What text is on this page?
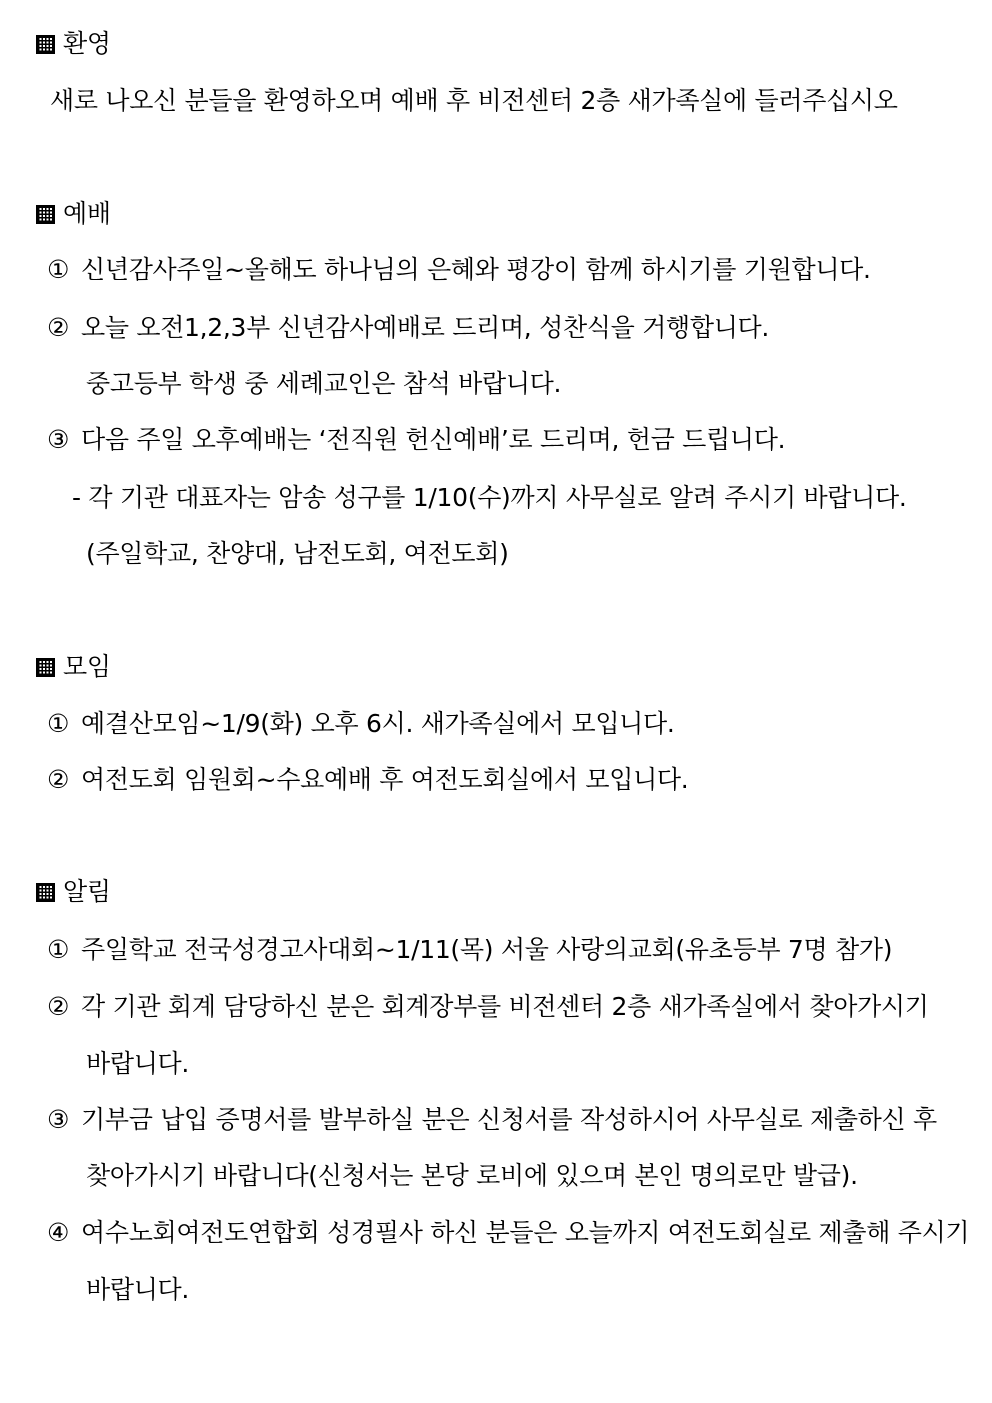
환영
새로 나오신 분들을 환영하오며 예배 후 비전센터 2층 새가족실에 들러주십시오
예배
① 신년감사주일~올해도 하나님의 은혜와 평강이 함께 하시기를 기원합니다.
② 오늘 오전1,2,3부 신년감사예배로 드리며, 성찬식을 거행합니다.
중고등부 학생 중 세례교인은 참석 바랍니다.
③ 다음 주일 오후예배는 ‘전직원 헌신예배’로 드리며, 헌금 드립니다.
- 각 기관 대표자는 암송 성구를 1/10(수)까지 사무실로 알려 주시기 바랍니다.
(주일학교, 찬양대, 남전도회, 여전도회)
모임
① 예결산모임~1/9(화) 오후 6시. 새가족실에서 모입니다.
② 여전도회 임원회~수요예배 후 여전도회실에서 모입니다.
알림
① 주일학교 전국성경고사대회~1/11(목) 서울 사랑의교회(유초등부 7명 참가)
② 각 기관 회계 담당하신 분은 회계장부를 비전센터 2층 새가족실에서 찾아가시기
바랍니다.
③ 기부금 납입 증명서를 발부하실 분은 신청서를 작성하시어 사무실로 제출하신 후
찾아가시기 바랍니다(신청서는 본당 로비에 있으며 본인 명의로만 발급).
④ 여수노회여전도연합회 성경필사 하신 분들은 오늘까지 여전도회실로 제출해 주시기
바랍니다.
